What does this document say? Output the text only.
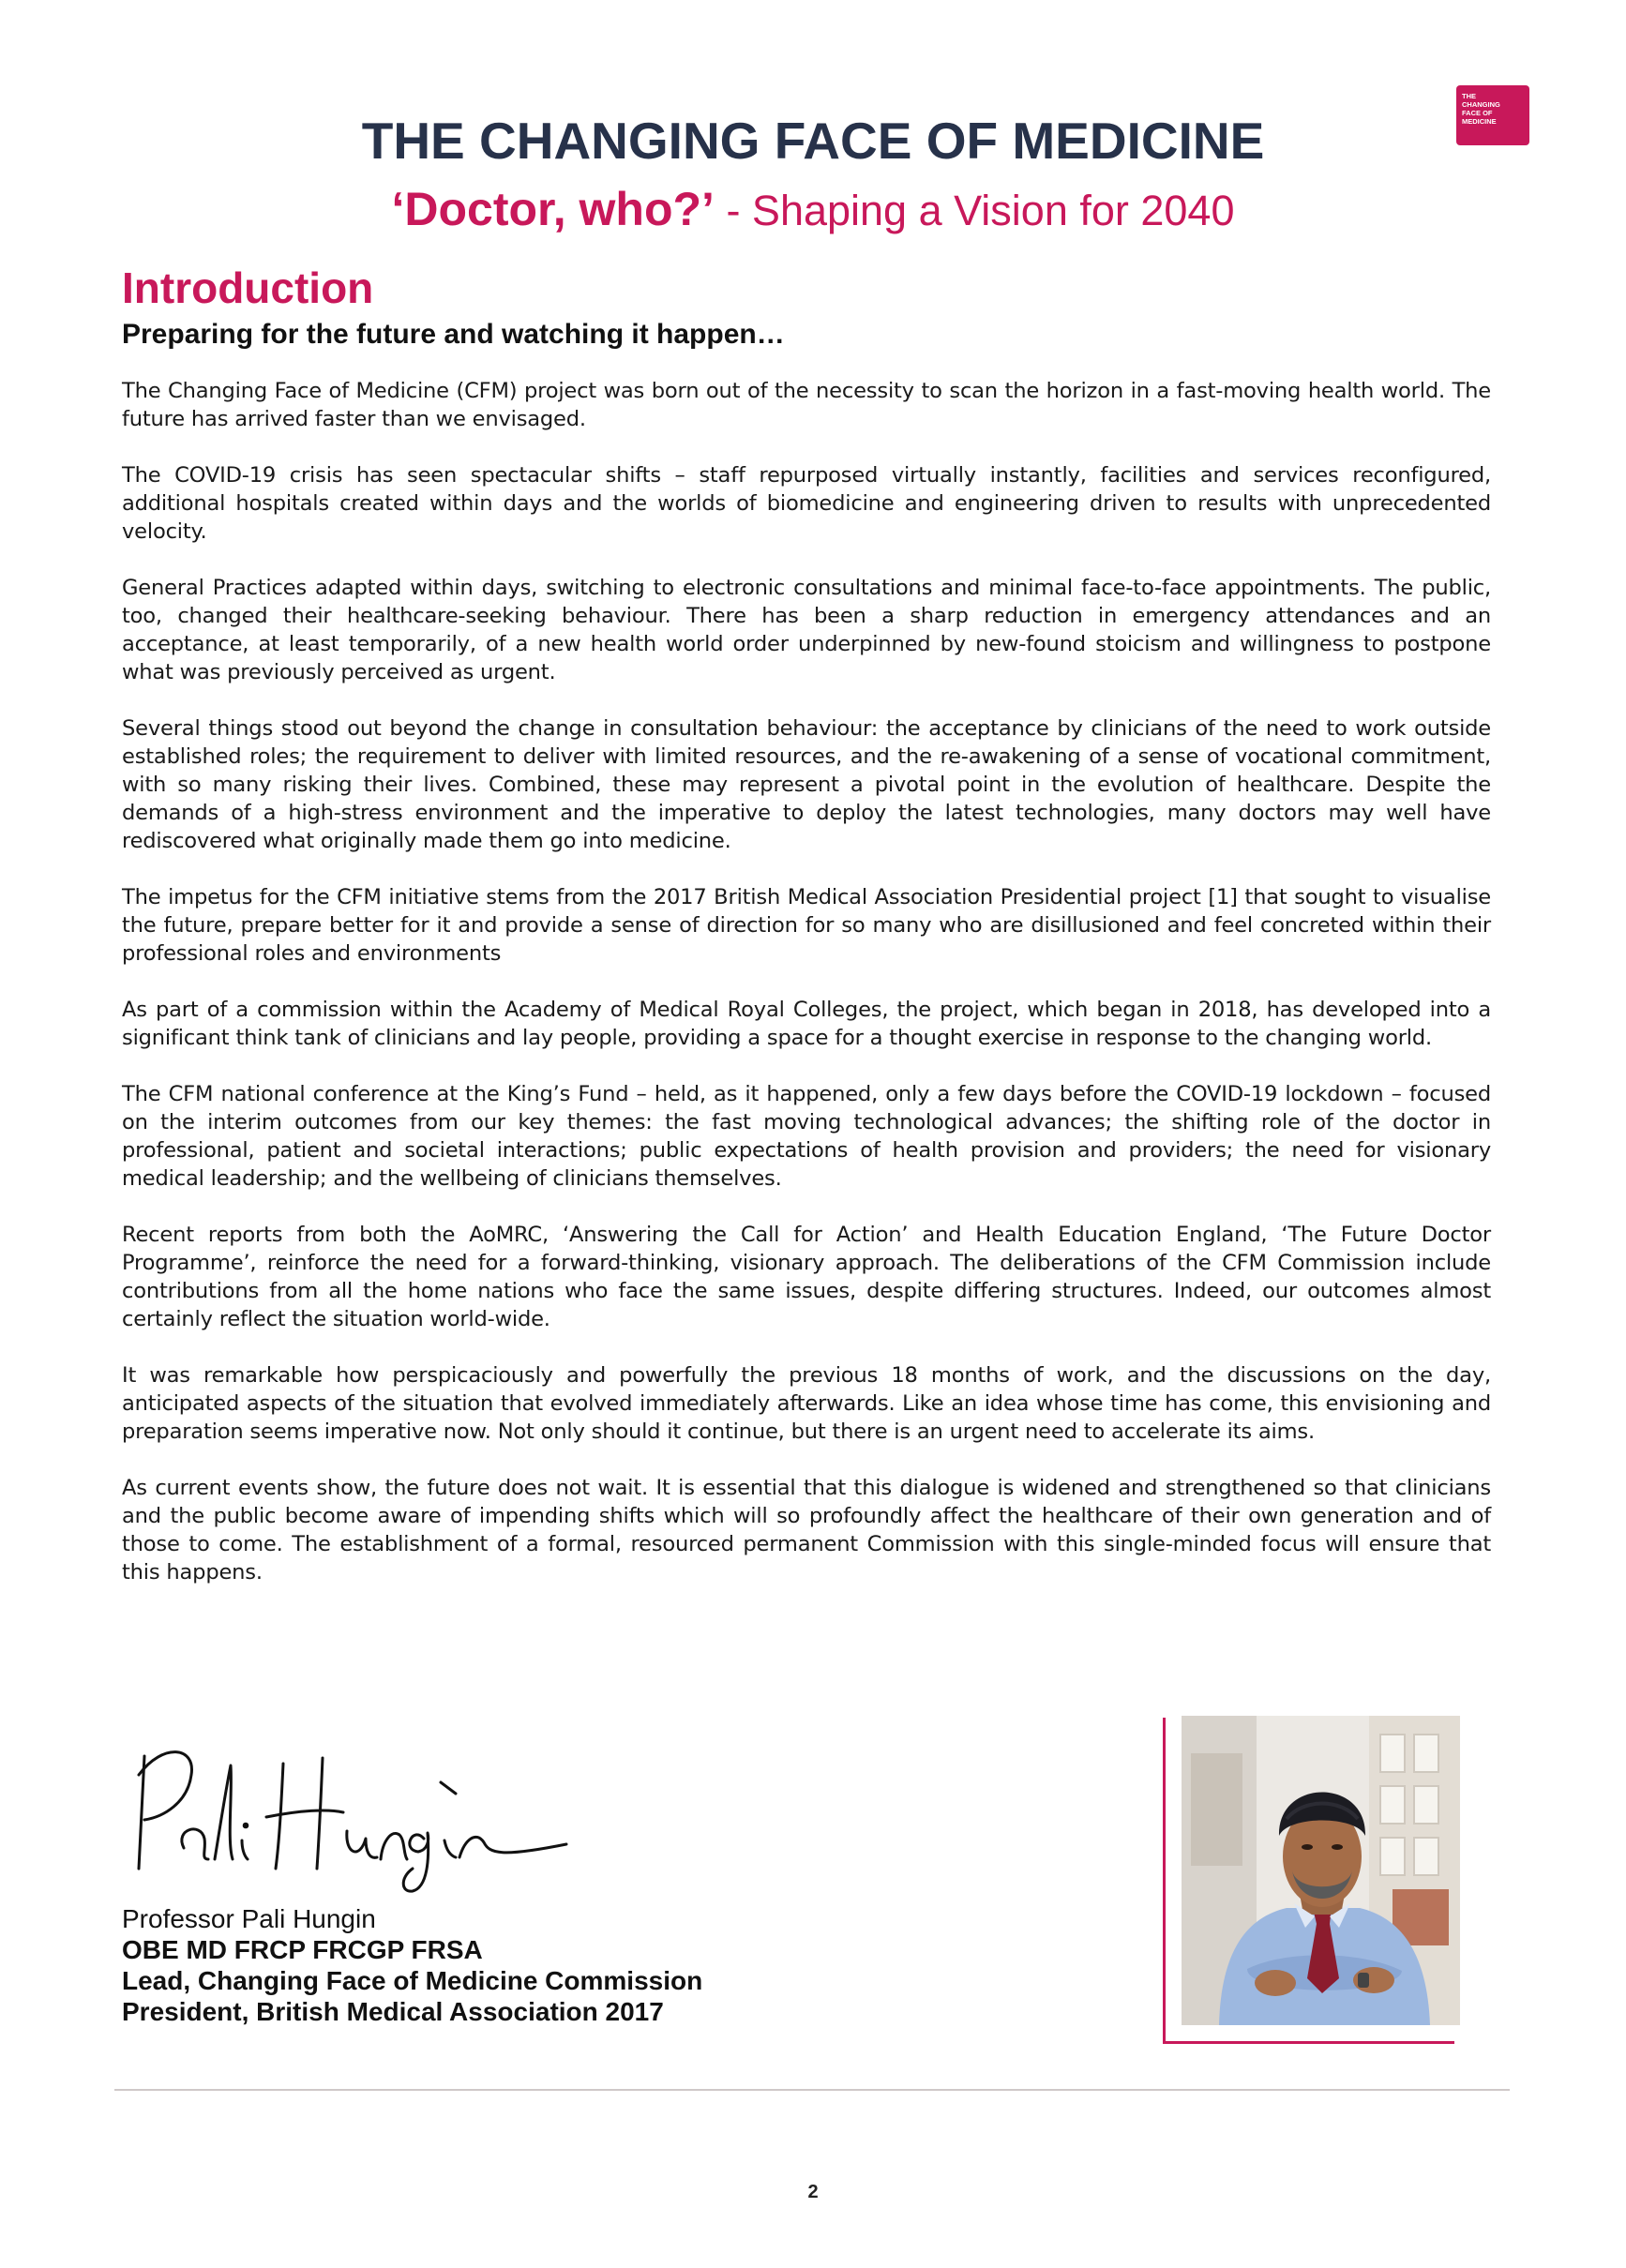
THE
CHANGING
FACE OF
MEDICINE
THE CHANGING FACE OF MEDICINE
‘Doctor, who?’ - Shaping a Vision for 2040
Introduction
Preparing for the future and watching it happen…

The Changing Face of Medicine (CFM) project was born out of the necessity to scan the horizon in a fast-moving health world. The future has arrived faster than we envisaged.

The COVID-19 crisis has seen spectacular shifts – staff repurposed virtually instantly, facilities and services reconfigured, additional hospitals created within days and the worlds of biomedicine and engineering driven to results with unprecedented velocity.

General Practices adapted within days, switching to electronic consultations and minimal face-to-face appointments. The public, too, changed their healthcare-seeking behaviour. There has been a sharp reduction in emergency attendances and an acceptance, at least temporarily, of a new health world order underpinned by new-found stoicism and willingness to postpone what was previously perceived as urgent.

Several things stood out beyond the change in consultation behaviour: the acceptance by clinicians of the need to work outside established roles; the requirement to deliver with limited resources, and the re-awakening of a sense of vocational commitment, with so many risking their lives. Combined, these may represent a pivotal point in the evolution of healthcare. Despite the demands of a high-stress environment and the imperative to deploy the latest technologies, many doctors may well have rediscovered what originally made them go into medicine.

The impetus for the CFM initiative stems from the 2017 British Medical Association Presidential project [1] that sought to visualise the future, prepare better for it and provide a sense of direction for so many who are disillusioned and feel concreted within their professional roles and environments

As part of a commission within the Academy of Medical Royal Colleges, the project, which began in 2018, has developed into a significant think tank of clinicians and lay people, providing a space for a thought exercise in response to the changing world.

The CFM national conference at the King’s Fund – held, as it happened, only a few days before the COVID-19 lockdown – focused on the interim outcomes from our key themes: the fast moving technological advances; the shifting role of the doctor in professional, patient and societal interactions; public expectations of health provision and providers; the need for visionary medical leadership; and the wellbeing of clinicians themselves.

Recent reports from both the AoMRC, ‘Answering the Call for Action’ and Health Education England, ‘The Future Doctor Programme’, reinforce the need for a forward-thinking, visionary approach. The deliberations of the CFM Commission include contributions from all the home nations who face the same issues, despite differing structures. Indeed, our outcomes almost certainly reflect the situation world-wide.

It was remarkable how perspicaciously and powerfully the previous 18 months of work, and the discussions on the day, anticipated aspects of the situation that evolved immediately afterwards. Like an idea whose time has come, this envisioning and preparation seems imperative now. Not only should it continue, but there is an urgent need to accelerate its aims.

As current events show, the future does not wait. It is essential that this dialogue is widened and strengthened so that clinicians and the public become aware of impending shifts which will so profoundly affect the healthcare of their own generation and of those to come. The establishment of a formal, resourced permanent Commission with this single-minded focus will ensure that this happens.

Professor Pali Hungin
OBE MD FRCP FRCGP FRSA
Lead, Changing Face of Medicine Commission
President, British Medical Association 2017
2
